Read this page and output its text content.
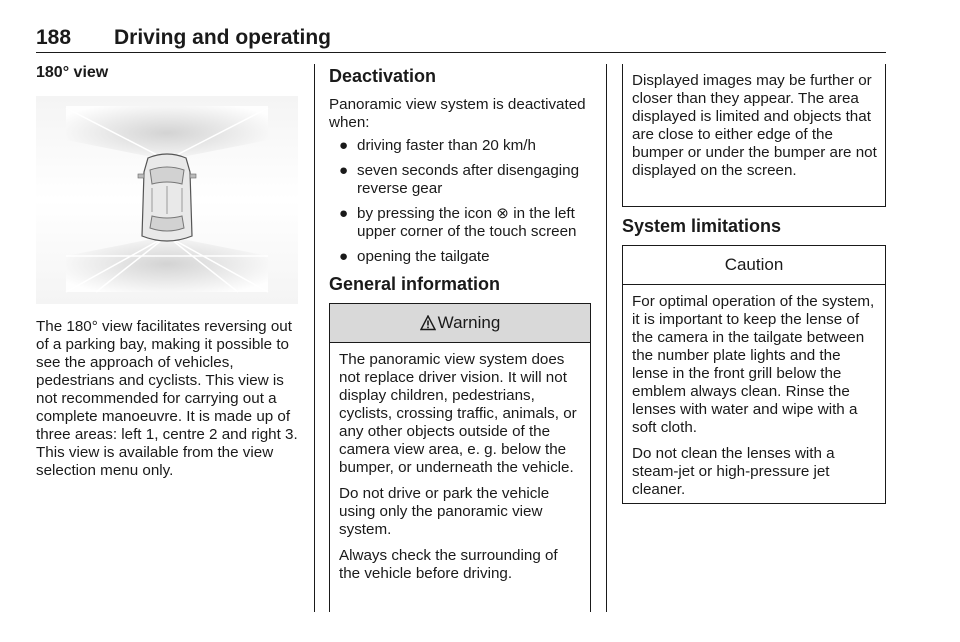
188 Driving and operating

180° view

The 180° view facilitates reversing out of a parking bay, making it possible to see the approach of vehicles, pedestrians and cyclists. This view is not recommended for carrying out a complete manoeuvre. It is made up of three areas: left 1, centre 2 and right 3. This view is available from the view selection menu only.

Deactivation

Panoramic view system is deactivated when:

● driving faster than 20 km/h
● seven seconds after disengaging reverse gear
● by pressing the icon ⊗ in the left upper corner of the touch screen
● opening the tailgate

General information

Warning

The panoramic view system does not replace driver vision. It will not display children, pedestrians, cyclists, crossing traffic, animals, or any other objects outside of the camera view area, e. g. below the bumper, or underneath the vehicle.

Do not drive or park the vehicle using only the panoramic view system.

Always check the surrounding of the vehicle before driving.

Displayed images may be further or closer than they appear. The area displayed is limited and objects that are close to either edge of the bumper or under the bumper are not displayed on the screen.

System limitations

Caution

For optimal operation of the system, it is important to keep the lense of the camera in the tailgate between the number plate lights and the lense in the front grill below the emblem always clean. Rinse the lenses with water and wipe with a soft cloth.

Do not clean the lenses with a steam-jet or high-pressure jet cleaner.
